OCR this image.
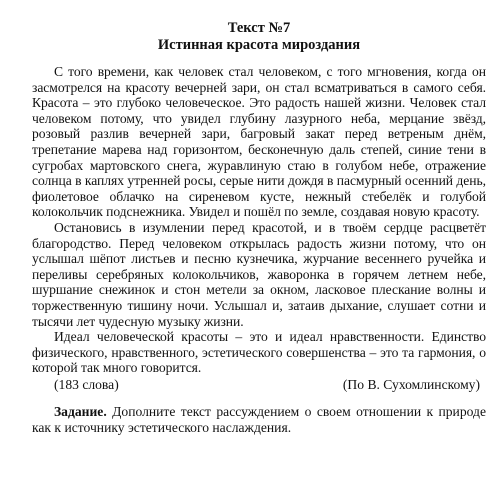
Текст №7

Истинная красота мироздания

С того времени, как человек стал человеком, с того мгновения, когда он засмотрелся на красоту вечерней зари, он стал всматриваться в самого себя. Красота – это глубоко человеческое. Это радость нашей жизни. Человек стал человеком потому, что увидел глубину лазурного неба, мерцание звёзд, розовый разлив вечерней зари, багровый закат перед ветреным днём, трепетание марева над горизонтом, бесконечную даль степей, синие тени в сугробах мартовского снега, журавлиную стаю в голубом небе, отражение солнца в каплях утренней росы, серые нити дождя в пасмурный осенний день, фиолетовое облачко на сиреневом кусте, нежный стебелёк и голубой колокольчик подснежника. Увидел и пошёл по земле, создавая новую красоту.

Остановись в изумлении перед красотой, и в твоём сердце расцветёт благородство. Перед человеком открылась радость жизни потому, что он услышал шёпот листьев и песню кузнечика, журчание весеннего ручейка и переливы серебряных колокольчиков, жаворонка в горячем летнем небе, шуршание снежинок и стон метели за окном, ласковое плескание волны и торжественную тишину ночи. Услышал и, затаив дыхание, слушает сотни и тысячи лет чудесную музыку жизни.

Идеал человеческой красоты – это и идеал нравственности. Единство физического, нравственного, эстетического совершенства – это та гармония, о которой так много говорится.

(183 слова)	(По В. Сухомлинскому)

Задание. Дополните текст рассуждением о своем отношении к природе как к источнику эстетического наслаждения.
